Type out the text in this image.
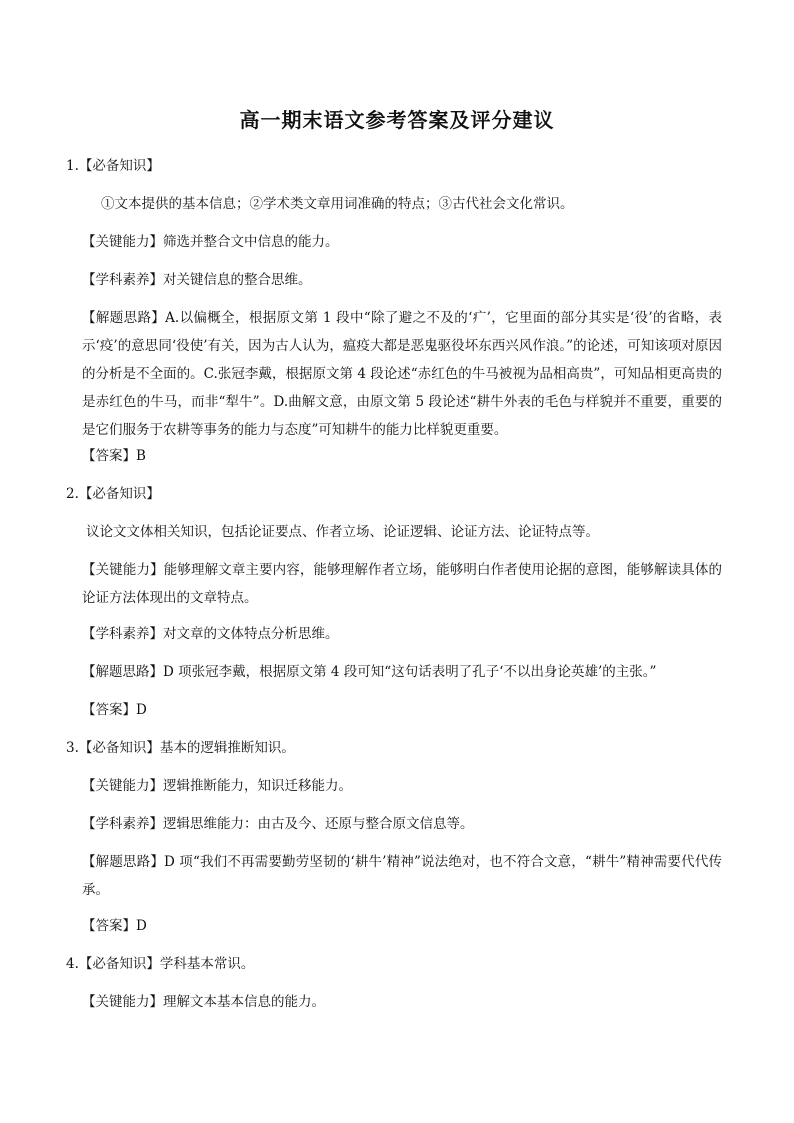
高一期末语文参考答案及评分建议
1.【必备知识】
①文本提供的基本信息；②学术类文章用词准确的特点；③古代社会文化常识。
【关键能力】筛选并整合文中信息的能力。
【学科素养】对关键信息的整合思维。
【解题思路】A.以偏概全，根据原文第 1 段中“除了避之不及的‘疒’，它里面的部分其实是‘役’的省略，表示‘疫’的意思同‘役使’有关，因为古人认为，瘟疫大都是恶鬼驱役坏东西兴风作浪。”的论述，可知该项对原因的分析是不全面的。C.张冠李戴，根据原文第 4 段论述“赤红色的牛马被视为品相高贵”，可知品相更高贵的是赤红色的牛马，而非“犁牛”。D.曲解文意，由原文第 5 段论述“耕牛外表的毛色与样貌并不重要，重要的是它们服务于农耕等事务的能力与态度”可知耕牛的能力比样貌更重要。
【答案】B
2.【必备知识】
议论文文体相关知识，包括论证要点、作者立场、论证逻辑、论证方法、论证特点等。
【关键能力】能够理解文章主要内容，能够理解作者立场，能够明白作者使用论据的意图，能够解读具体的论证方法体现出的文章特点。
【学科素养】对文章的文体特点分析思维。
【解题思路】D 项张冠李戴，根据原文第 4 段可知“这句话表明了孔子‘不以出身论英雄’的主张。”
【答案】D
3.【必备知识】基本的逻辑推断知识。
【关键能力】逻辑推断能力，知识迁移能力。
【学科素养】逻辑思维能力：由古及今、还原与整合原文信息等。
【解题思路】D 项“我们不再需要勤劳坚韧的‘耕牛’精神”说法绝对，也不符合文意，“耕牛”精神需要代代传承。
【答案】D
4.【必备知识】学科基本常识。
【关键能力】理解文本基本信息的能力。
